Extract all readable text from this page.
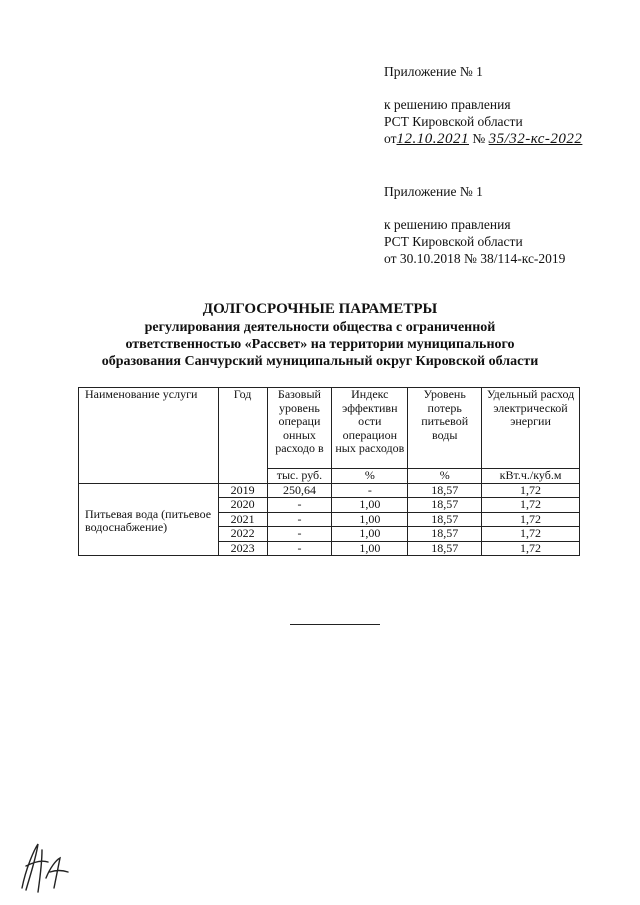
Приложение № 1
к решению правления
РСТ Кировской области
от12.10.2021 № 35/32-кс-2022
Приложение № 1
к решению правления
РСТ Кировской области
от 30.10.2018 № 38/114-кс-2019
ДОЛГОСРОЧНЫЕ ПАРАМЕТРЫ
регулирования деятельности общества с ограниченной
ответственностью «Рассвет» на территории муниципального
образования Санчурский муниципальный округ Кировской области
Наименование услуги	Год	Базовый уровень операци онных расходо в	Индекс эффективн ости операцион ных расходов	Уровень потерь питьевой воды	Удельный расход электрической энергии
		тыс. руб.	%	%	кВт.ч./куб.м
Питьевая вода (питьевое водоснабжение)	2019	250,64	-	18,57	1,72
	2020	-	1,00	18,57	1,72
	2021	-	1,00	18,57	1,72
	2022	-	1,00	18,57	1,72
	2023	-	1,00	18,57	1,72
